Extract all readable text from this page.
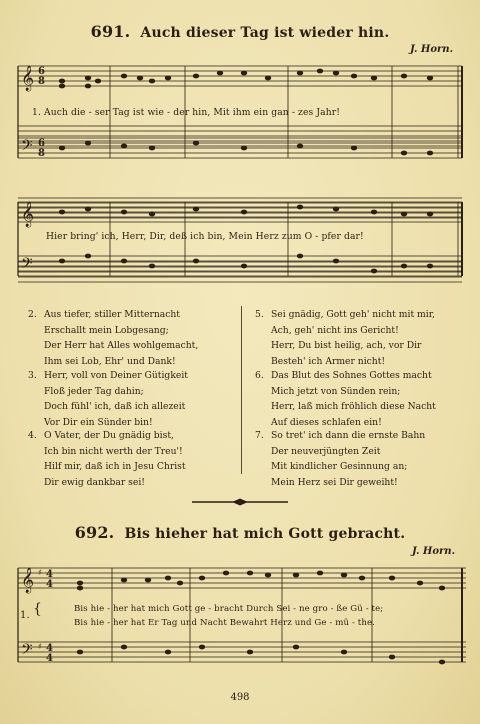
691. Auch dieser Tag ist wieder hin.
J. Horn.
𝄞 6
8
𝄢 6
8
𝄞
𝄢
1. Auch die - ser Tag ist wie - der hin, Mit ihm ein gan - zes Jahr!
Hier bring' ich, Herr, Dir, deß ich bin, Mein Herz zum O - pfer dar!
2. Aus tiefer, stiller Mitternacht
Erschallt mein Lobgesang;
Der Herr hat Alles wohlgemacht,
Ihm sei Lob, Ehr' und Dank!
3. Herr, voll von Deiner Gütigkeit
Floß jeder Tag dahin;
Doch fühl' ich, daß ich allezeit
Vor Dir ein Sünder bin!
4. O Vater, der Du gnädig bist,
Ich bin nicht werth der Treu'!
Hilf mir, daß ich in Jesu Christ
Dir ewig dankbar sei!
5. Sei gnädig, Gott geh' nicht mit mir,
Ach, geh' nicht ins Gericht!
Herr, Du bist heilig, ach, vor Dir
Besteh' ich Armer nicht!
6. Das Blut des Sohnes Gottes macht
Mich jetzt von Sünden rein;
Herr, laß mich fröhlich diese Nacht
Auf dieses schlafen ein!
7. So tret' ich dann die ernste Bahn
Der neuverjüngten Zeit
Mit kindlicher Gesinnung an;
Mein Herz sei Dir geweiht!
692. Bis hieher hat mich Gott gebracht.
J. Horn.
𝄞 ♯ 4
4
𝄢 ♯ 4
4
1. {	Bis hie - her hat mich Gott ge - bracht Durch Sei - ne gro - ße Gü - te;
Bis hie - her hat Er Tag und Nacht Bewahrt Herz und Ge - mü - the.
498
